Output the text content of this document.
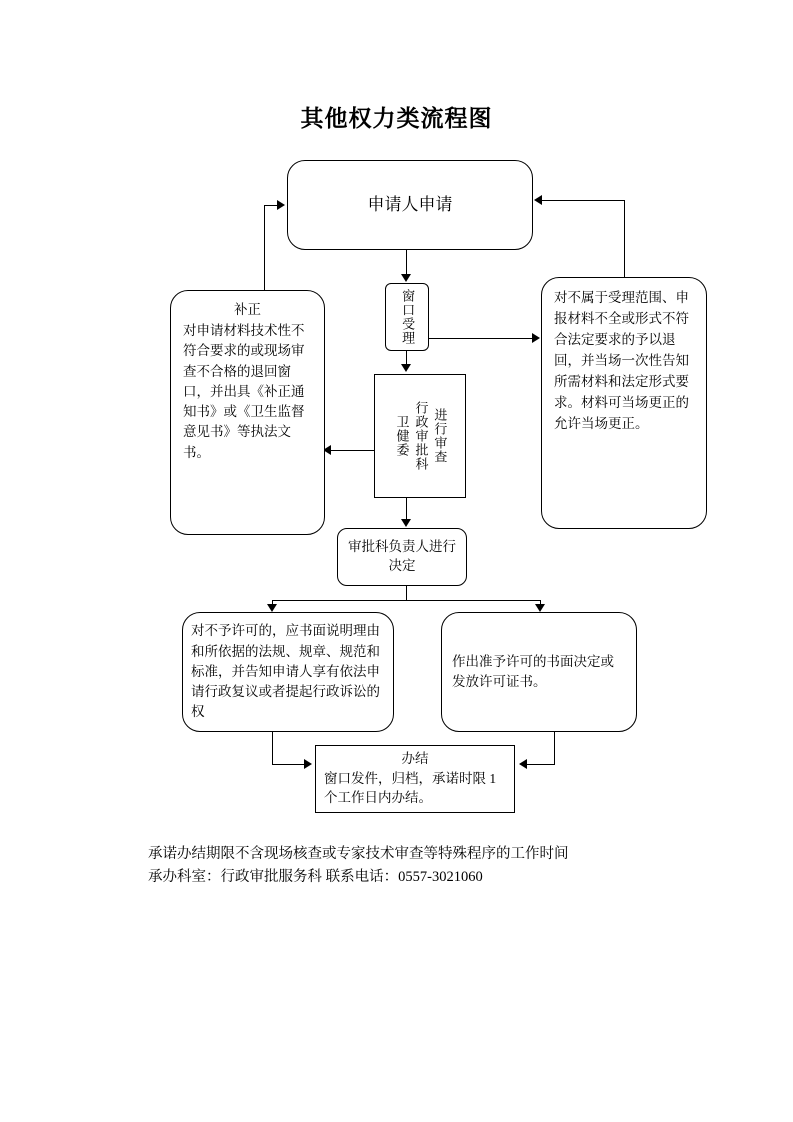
其他权力类流程图
申请人申请
窗口受理
补正
对申请材料技术性不符合要求的或现场审查不合格的退回窗口，并出具《补正通知书》或《卫生监督意见书》等执法文书。
对不属于受理范围、申报材料不全或形式不符合法定要求的予以退回，并当场一次性告知所需材料和法定形式要求。材料可当场更正的允许当场更正。
卫健委 行政审批科 进行审查
审批科负责人进行决定
对不予许可的，应书面说明理由和所依据的法规、规章、规范和标准，并告知申请人享有依法申请行政复议或者提起行政诉讼的权
作出准予许可的书面决定或发放许可证书。
办结
窗口发件，归档，承诺时限 1 个工作日内办结。
承诺办结期限不含现场核查或专家技术审查等特殊程序的工作时间
承办科室：行政审批服务科 联系电话：0557-3021060
